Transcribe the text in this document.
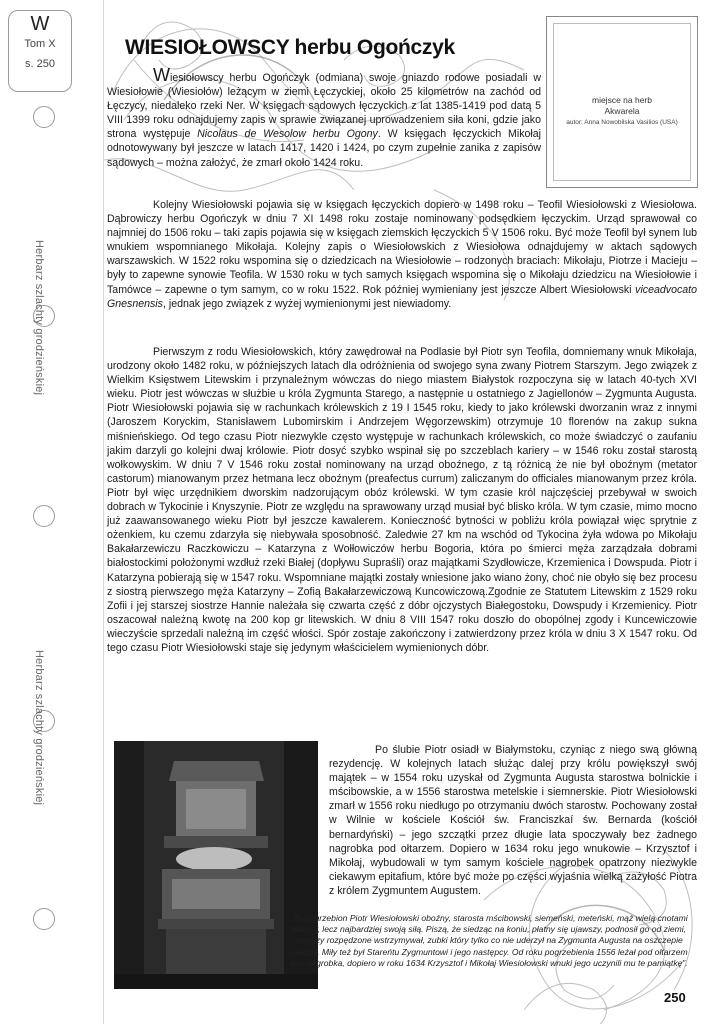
W
Tom X
s. 250
Herbarz szlachty grodzieńskiej
Herbarz szlachty grodzieńskiej
WIESIOŁOWSCY herbu Ogończyk
miejsce na herb
Akwarela
autor: Anna Nowobilska Vasilios (USA)

Wiesiołowscy herbu Ogończyk (odmiana) swoje gniazdo rodowe posiadali w Wiesiołowie (Wiesiołów) leżącym w ziemi Łęczyckiej, około 25 kilometrów na zachód od Łęczycy, niedaleko rzeki Ner. W księgach sądowych łęczyckich z lat 1385-1419 pod datą 5 VIII 1399 roku odnajdujemy zapis w sprawie związanej uprowadzeniem siła koni, gdzie jako strona występuje Nicolaus de Wesolow herbu Ogony. W księgach łęczyckich Mikołaj odnotowywany był jeszcze w latach 1417, 1420 i 1424, po czym zupełnie zanika z zapisów sądowych – można założyć, że zmarł około 1424 roku.

Kolejny Wiesiołowski pojawia się w księgach łęczyckich dopiero w 1498 roku – Teofil Wiesiołowski z Wiesiołowa. Dąbrowiczy herbu Ogończyk w dniu 7 XI 1498 roku zostaje nominowany podsędkiem łęczyckim. Urząd sprawował co najmniej do 1506 roku – taki zapis pojawia się w księgach ziemskich łęczyckich 5 V 1506 roku. Być może Teofil był synem lub wnukiem wspomnianego Mikołaja. Kolejny zapis o Wiesiołowskich z Wiesiołowa odnajdujemy w aktach sądowych warszawskich. W 1522 roku wspomina się o dziedzicach na Wiesiołowie – rodzonych braciach: Mikołaju, Piotrze i Macieju – były to zapewne synowie Teofila. W 1530 roku w tych samych księgach wspomina się o Mikołaju dziedzicu na Wiesiołowie i Tamówce – zapewne o tym samym, co w roku 1522. Rok później wymieniany jest jeszcze Albert Wiesiołowski viceadvocato Gnesnensis, jednak jego związek z wyżej wymienionymi jest niewiadomy.

Pierwszym z rodu Wiesiołowskich, który zawędrował na Podlasie był Piotr syn Teofila, domniemany wnuk Mikołaja, urodzony około 1482 roku, w późniejszych latach dla odróżnienia od swojego syna zwany Piotrem Starszym. Jego związek z Wielkim Księstwem Litewskim i przynależnym wówczas do niego miastem Białystok rozpoczyna się w latach 40-tych XVI wieku. Piotr jest wówczas w służbie u króla Zygmunta Starego, a następnie u ostatniego z Jagiellonów – Zygmunta Augusta. Piotr Wiesiołowski pojawia się w rachunkach królewskich z 19 I 1545 roku, kiedy to jako królewski dworzanin wraz z innymi (Jaroszem Koryckim, Stanisławem Lubomirskim i Andrzejem Węgorzewskim) otrzymuje 10 florenów na zakup sukna miśnieńskiego. Od tego czasu Piotr niezwykle często występuje w rachunkach królewskich, co może świadczyć o zaufaniu jakim darzyli go kolejni dwaj królowie. Piotr dosyć szybko wspinał się po szczeblach kariery – w 1546 roku został starostą wołkowyskim. W dniu 7 V 1546 roku został nominowany na urząd oboźnego, z tą różnicą że nie był oboźnym (metator castorum) mianowanym przez hetmana lecz oboźnym (preafectus currum) zaliczanym do officiales mianowanym przez króla. Piotr był więc urzędnikiem dworskim nadzorującym obóz królewski. W tym czasie król najczęściej przebywał w swoich dobrach w Tykocinie i Knyszynie. Piotr ze względu na sprawowany urząd musiał być blisko króla. W tym czasie, mimo mocno już zaawansowanego wieku Piotr był jeszcze kawalerem. Konieczność bytności w pobliżu króla powiązał więc sprytnie z ożenkiem, ku czemu zdarzyła się niebywała sposobność. Zaledwie 27 km na wschód od Tykocina żyła wdowa po Mikołaju Bakałarzewiczu Raczkowiczu – Katarzyna z Wołłowiczów herbu Bogoria, która po śmierci męża zarządzała dobrami białostockimi położonymi wzdłuż rzeki Białej (dopływu Supraśli) oraz majątkami Szydłowicze, Krzemienica i Dowspuda. Piotr i Katarzyna pobierają się w 1547 roku. Wspomniane majątki zostały wniesione jako wiano żony, choć nie obyło się bez procesu z siostrą pierwszego męża Katarzyny – Zofią Bakałarzewiczową Kuncowiczową.Zgodnie ze Statutem Litewskim z 1529 roku Zofii i jej starszej siostrze Hannie należała się czwarta część z dóbr ojczystych Białegostoku, Dowspudy i Krzemienicy. Piotr oszacował należną kwotę na 200 kop gr litewskich. W dniu 8 VIII 1547 roku doszło do obopólnej zgody i Kuncewiczowie wieczyście sprzedali należną im część włości. Spór zostaje zakończony i zatwierdzony przez króla w dniu 3 X 1547 roku. Od tego czasu Piotr Wiesiołowski staje się jedynym właścicielem wymienionych dóbr.

Po ślubie Piotr osiadł w Białymstoku, czyniąc z niego swą główną rezydencję. W kolejnych latach służąc dalej przy królu powiększył swój majątek – w 1554 roku uzyskał od Zygmunta Augusta starostwa bolnickie i mścibowskie, a w 1556 starostwa metelskie i siemnerskie. Piotr Wiesiołowski zmarł w 1556 roku niedługo po otrzymaniu dwóch starostw. Pochowany został w Wilnie w kościele Kościół św. Franciszkaí św. Bernarda (kościół bernardyński) – jego szczątki przez długie lata spoczywały bez żadnego nagrobka pod ołtarzem. Dopiero w 1634 roku jego wnukowie – Krzysztof i Mikołaj, wybudowali w tym samym kościele nagrobek opatrzony niezwykle ciekawym epitafium, które być może po części wyjaśnia wielką zażyłość Piotra z królem Zygmuntem Augustem.

„Tu pogrzebion Piotr Wiesiołowski oboźny, starosta mścibowski, siemeński, meteński, mąż wielą cnotami sławny, lecz najbardziej swoją siłą. Piszą, że siedząc na koniu, płatny się ujawszy, podnosił go od ziemi, powozy rozpędzone wstrzymywał, zubki który tylko co nie uderzył na Zygmunta Augusta na oszczepie osadził. Miły też był Stareńtu Zygmuntowi i jego następcy. Od roku pogrzebienia 1556 leżał pod ołtarzem bez nagrobka, dopiero w roku 1634 Krzysztof i Mikołaj Wiesiołowski wnuki jego uczynili mu te pamiątkę”.
250
